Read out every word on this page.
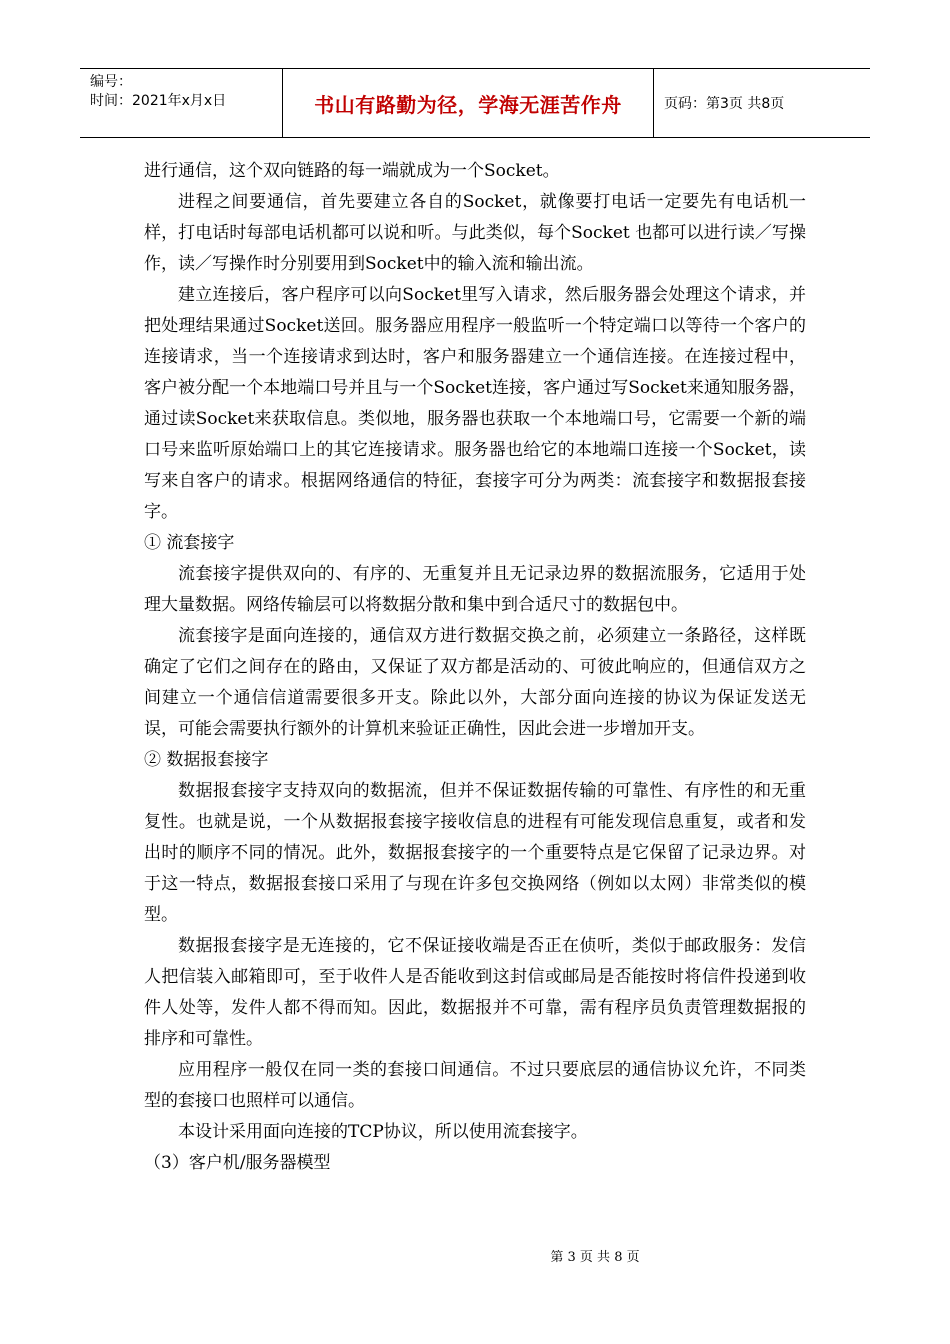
编号：
时间：2021年x月x日	书山有路勤为径，学海无涯苦作舟	页码：第3页 共8页

进行通信，这个双向链路的每一端就成为一个Socket。

进程之间要通信，首先要建立各自的Socket，就像要打电话一定要先有电话机一样，打电话时每部电话机都可以说和听。与此类似，每个Socket 也都可以进行读／写操作，读／写操作时分别要用到Socket中的输入流和输出流。

建立连接后，客户程序可以向Socket里写入请求，然后服务器会处理这个请求，并把处理结果通过Socket送回。服务器应用程序一般监听一个特定端口以等待一个客户的连接请求，当一个连接请求到达时，客户和服务器建立一个通信连接。在连接过程中，客户被分配一个本地端口号并且与一个Socket连接，客户通过写Socket来通知服务器，通过读Socket来获取信息。类似地，服务器也获取一个本地端口号，它需要一个新的端口号来监听原始端口上的其它连接请求。服务器也给它的本地端口连接一个Socket，读写来自客户的请求。根据网络通信的特征，套接字可分为两类：流套接字和数据报套接字。

① 流套接字

流套接字提供双向的、有序的、无重复并且无记录边界的数据流服务，它适用于处理大量数据。网络传输层可以将数据分散和集中到合适尺寸的数据包中。

流套接字是面向连接的，通信双方进行数据交换之前，必须建立一条路径，这样既确定了它们之间存在的路由，又保证了双方都是活动的、可彼此响应的，但通信双方之间建立一个通信信道需要很多开支。除此以外，大部分面向连接的协议为保证发送无误，可能会需要执行额外的计算机来验证正确性，因此会进一步增加开支。

② 数据报套接字

数据报套接字支持双向的数据流，但并不保证数据传输的可靠性、有序性的和无重复性。也就是说，一个从数据报套接字接收信息的进程有可能发现信息重复，或者和发出时的顺序不同的情况。此外，数据报套接字的一个重要特点是它保留了记录边界。对于这一特点，数据报套接口采用了与现在许多包交换网络（例如以太网）非常类似的模型。

数据报套接字是无连接的，它不保证接收端是否正在侦听，类似于邮政服务：发信人把信装入邮箱即可，至于收件人是否能收到这封信或邮局是否能按时将信件投递到收件人处等，发件人都不得而知。因此，数据报并不可靠，需有程序员负责管理数据报的排序和可靠性。

应用程序一般仅在同一类的套接口间通信。不过只要底层的通信协议允许，不同类型的套接口也照样可以通信。

本设计采用面向连接的TCP协议，所以使用流套接字。

（3）客户机/服务器模型

第 3 页 共 8 页
